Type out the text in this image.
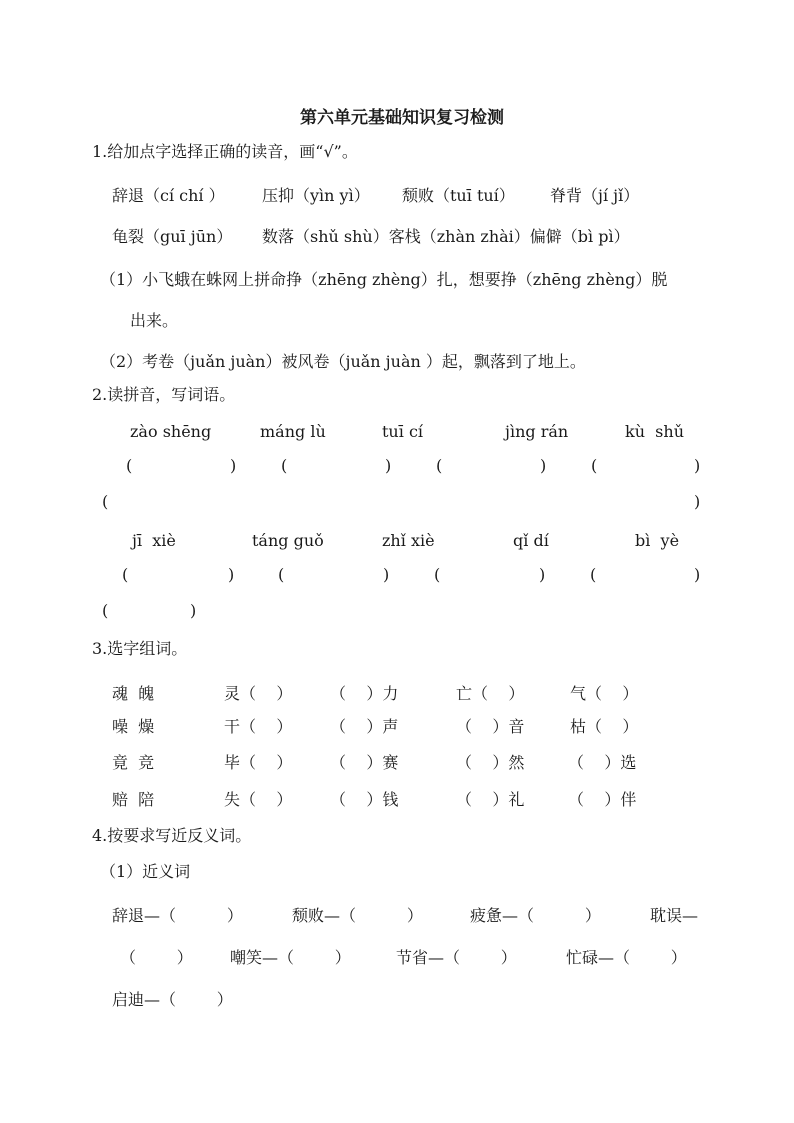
第六单元基础知识复习检测
1.给加点字选择正确的读音，画“√”。
辞退（cí chí ） 压抑（yìn yì） 颓败（tuī tuí） 脊背（jí jǐ）
龟裂（guī jūn） 数落（shǔ shù）客栈（zhàn zhài）偏僻（bì pì）
（1）小飞蛾在蛛网上拼命挣（zhēng zhèng）扎，想要挣（zhēng zhèng）脱
出来。
（2）考卷（juǎn juàn）被风卷（juǎn juàn ）起，飘落到了地上。
2.读拼音，写词语。
zào shēng	máng lù	tuī cí	jìng rán	kù  shǔ
(	)	(	)	(	)	(	)
(	)
jī  xiè	táng guǒ	zhǐ xiè	qǐ dí	bì  yè
(	)	(	)	(	)	(	)
(	)
3.选字组词。
魂  魄	灵（    ） （    ）力	亡（    ）	气（    ）
噪  燥	干（    ） （    ）声	（    ）音	枯（    ）
竟  竞	毕（    ） （    ）赛	（    ）然	（    ）选
赔  陪	失（    ） （    ）钱	（    ）礼	（    ）伴
4.按要求写近反义词。
（1）近义词
辞退—（          ）	颓败—（          ）	疲惫—（          ）	耽误—
（        ） 嘲笑—（        ）	节省—（        ）	忙碌—（        ）
启迪—（        ）
